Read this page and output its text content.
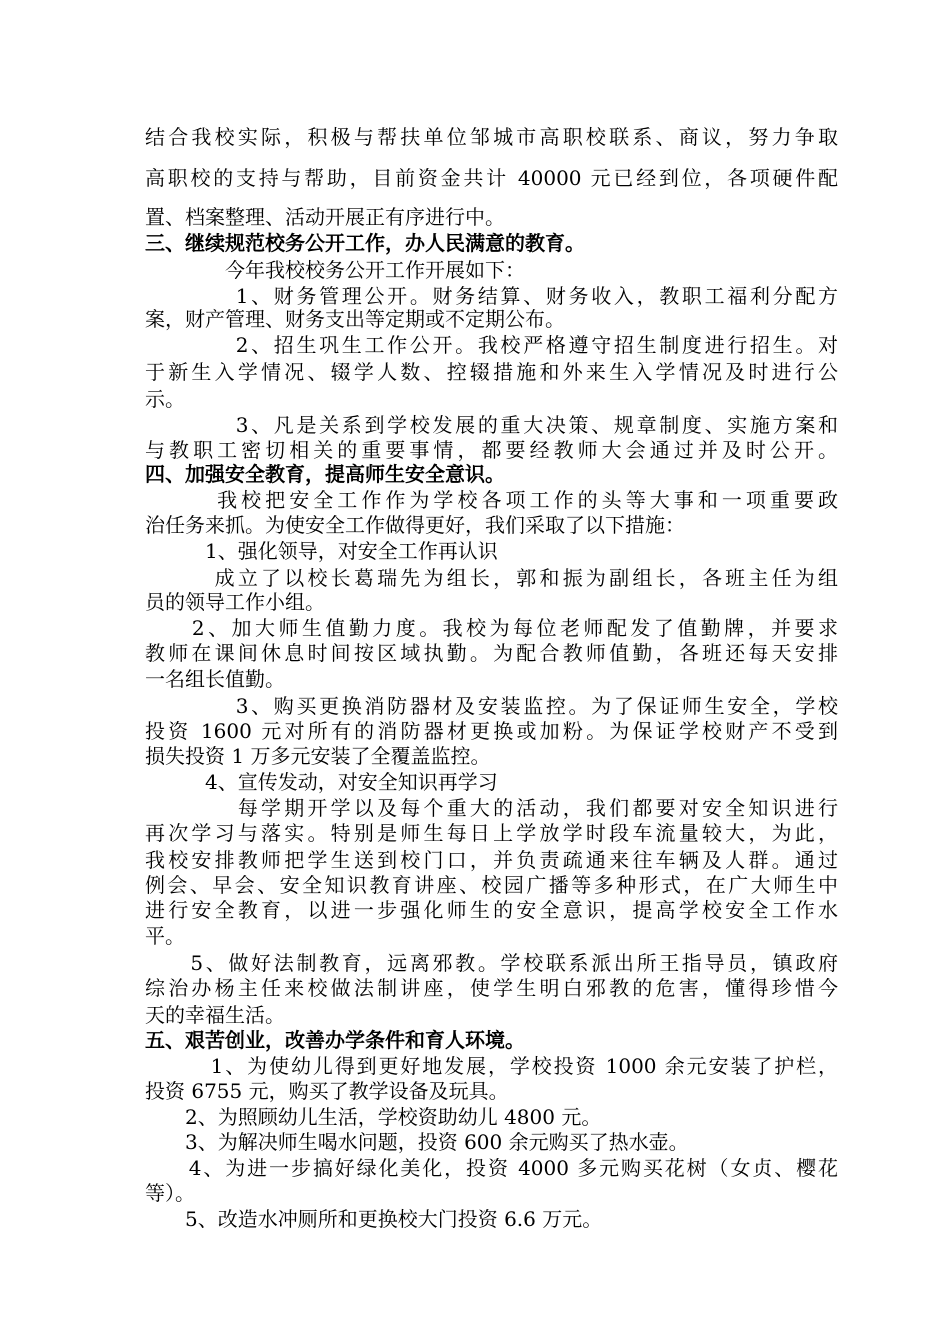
结合我校实际，积极与帮扶单位邹城市高职校联系、商议，努力争取
高职校的支持与帮助，目前资金共计 40000 元已经到位，各项硬件配
置、档案整理、活动开展正有序进行中。
三、继续规范校务公开工作，办人民满意的教育。
　　　　今年我校校务公开工作开展如下：
　　　　1、财务管理公开。财务结算、财务收入，教职工福利分配方
案，财产管理、财务支出等定期或不定期公布。
　　　　2、招生巩生工作公开。我校严格遵守招生制度进行招生。对
于新生入学情况、辍学人数、控辍措施和外来生入学情况及时进行公
示。
　　　　3、凡是关系到学校发展的重大决策、规章制度、实施方案和
与教职工密切相关的重要事情，都要经教师大会通过并及时公开。
四、加强安全教育，提高师生安全意识。
　　　我校把安全工作作为学校各项工作的头等大事和一项重要政
治任务来抓。为使安全工作做得更好，我们采取了以下措施：
　　　1、强化领导，对安全工作再认识
　　　成立了以校长葛瑞先为组长，郭和振为副组长，各班主任为组
员的领导工作小组。
　　2、加大师生值勤力度。我校为每位老师配发了值勤牌，并要求
教师在课间休息时间按区域执勤。为配合教师值勤，各班还每天安排
一名组长值勤。
　　　　3、购买更换消防器材及安装监控。为了保证师生安全，学校
投资 1600 元对所有的消防器材更换或加粉。为保证学校财产不受到
损失投资 1 万多元安装了全覆盖监控。
　　　4、宣传发动，对安全知识再学习
　　　　每学期开学以及每个重大的活动，我们都要对安全知识进行
再次学习与落实。特别是师生每日上学放学时段车流量较大，为此，
我校安排教师把学生送到校门口，并负责疏通来往车辆及人群。通过
例会、早会、安全知识教育讲座、校园广播等多种形式，在广大师生中
进行安全教育，以进一步强化师生的安全意识，提高学校安全工作水
平。
　　5、做好法制教育，远离邪教。学校联系派出所王指导员，镇政府
综治办杨主任来校做法制讲座，使学生明白邪教的危害，懂得珍惜今
天的幸福生活。
五、艰苦创业，改善办学条件和育人环境。
　　　1、为使幼儿得到更好地发展，学校投资 1000 余元安装了护栏，
投资 6755 元，购买了教学设备及玩具。
　　2、为照顾幼儿生活，学校资助幼儿 4800 元。
　　3、为解决师生喝水问题，投资 600 余元购买了热水壶。
　　4、为进一步搞好绿化美化，投资 4000 多元购买花树（女贞、樱花
等）。
　　5、改造水冲厕所和更换校大门投资 6.6 万元。
